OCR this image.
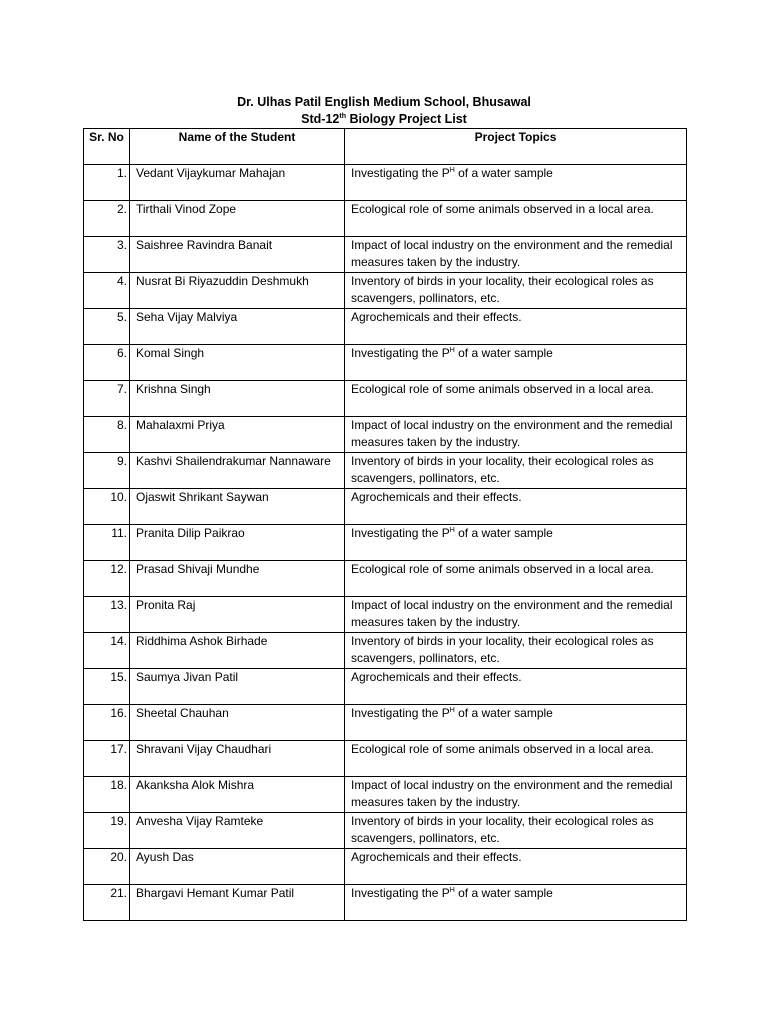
Dr. Ulhas Patil English Medium School, Bhusawal
Std-12th Biology Project List
Sr. No	Name of the Student	Project Topics
1.	Vedant Vijaykumar Mahajan	Investigating the $P^H$ of a water sample
2.	Tirthali Vinod Zope	Ecological role of some animals observed in a local area.
3.	Saishree Ravindra Banait	Impact of local industry on the environment and the remedial measures taken by the industry.
4.	Nusrat Bi Riyazuddin Deshmukh	Inventory of birds in your locality, their ecological roles as scavengers, pollinators, etc.
5.	Seha Vijay Malviya	Agrochemicals and their effects.
6.	Komal Singh	Investigating the $P^H$ of a water sample
7.	Krishna Singh	Ecological role of some animals observed in a local area.
8.	Mahalaxmi Priya	Impact of local industry on the environment and the remedial measures taken by the industry.
9.	Kashvi Shailendrakumar Nannaware	Inventory of birds in your locality, their ecological roles as scavengers, pollinators, etc.
10.	Ojaswit Shrikant Saywan	Agrochemicals and their effects.
11.	Pranita Dilip Paikrao	Investigating the $P^H$ of a water sample
12.	Prasad Shivaji Mundhe	Ecological role of some animals observed in a local area.
13.	Pronita Raj	Impact of local industry on the environment and the remedial measures taken by the industry.
14.	Riddhima Ashok Birhade	Inventory of birds in your locality, their ecological roles as scavengers, pollinators, etc.
15.	Saumya Jivan Patil	Agrochemicals and their effects.
16.	Sheetal Chauhan	Investigating the $P^H$ of a water sample
17.	Shravani Vijay Chaudhari	Ecological role of some animals observed in a local area.
18.	Akanksha Alok Mishra	Impact of local industry on the environment and the remedial measures taken by the industry.
19.	Anvesha Vijay Ramteke	Inventory of birds in your locality, their ecological roles as scavengers, pollinators, etc.
20.	Ayush Das	Agrochemicals and their effects.
21.	Bhargavi Hemant Kumar Patil	Investigating the $P^H$ of a water sample
